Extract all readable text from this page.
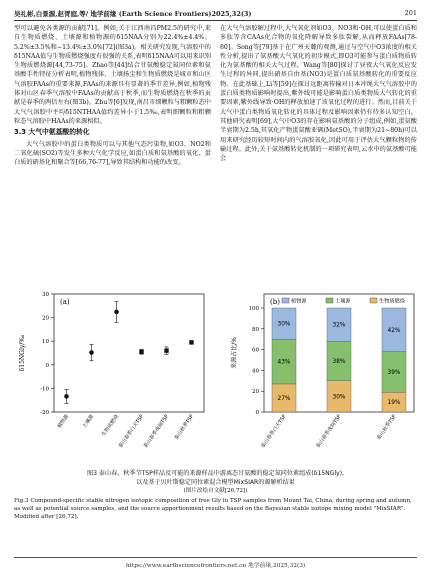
吴礼彬,白景源,赵胥庭,等/ 地学前缘 (Earth Science Frontiers)2025,32(3)	201

型可以避免各类源的贡献[71]。例如,关于江西南昌PM2.5的研究中,来自生物质燃烧、土壤源和植物源的δ15NAA分别为22.4%±4.4%、5.2%±3.5%和−13.4%±3.0%[72](图3a)。相关研究发现,气溶胶中的δ15NAA值与生物质燃烧强度有很强的关系,表明δ15NAA可以用来识别生物质燃烧源[44,73-75]。Zhao等[44]结合甘氨酸稳定氮同位素和氨基酸手性特征分析表明,植物残体、土壤扬尘和生物质燃烧是城市和山区气溶胶FAAs的重要来源,FAAs的来源具有显著的季节差异,例如,植物残体对山区春季气溶胶中FAAs的贡献高于秋季,而生物质燃烧在秋季的贡献是春季的两倍左右(图3b)。Zhu等[6]发现,南昌市细颗粒与粗颗粒态中大气气溶胶中平均δ15NTHAA值约差异小于1.5‰,表明细颗粒和粗颗粒态气溶胶中HAAs的来源相似。

3.3 大气中氨基酸的转化

大气气溶胶中的蛋白类物质可以与其他气态污染物,如O3、NO2和二氧化硫(SO2)等发生多种大气化学反应,如蛋白质和氨基酸的氧化、蛋白质的硝基化和聚合等[66,76-77],导致其结构和功能的改变。

在大气气溶胶解过程中,大气氧化剂如O3、NO3和·OH,可以使蛋白质和多肽等含CAAs化合物的氧化降解导致多肽裂解,从而释放FAAs[78-80]。Song等[79]基于在广州天麓的观测,通过与空气中O3浓度的相关性分析,提出了氨基酸大气氧化的初步模式,即O3可能参与蛋白质物质转化为氨基酸的相关大气过程。Wang等[80]探讨了昼夜大气氧化反应发生过程的异同,提出硝基自由基(NO3)是蛋白质氨基酸转化的重要反应物。在此基础上,Li等[59]在探讨远距离传输对日本冲绳大气气溶胶中的蛋白质类物质影响时提出,紫外线可能是影响蛋白质类物质大气转化的重要因素,紫外线导致·OH的释放加速了该氧化过程的进行。然而,目前关于大气中蛋白类物质氧化转化的具体过程及影响因素仍有待多认知空白。其他研究表明[69],大气中O3的存在影响氨基酸的分子组成,例如,蛋氨酸半衰期为2.5h,其氧化产物蛋氨酸亚砜(MetSO),半衰期为21~80h)可以用来研究经历较短时间内的气溶胶氧化,因此可用于评估大气颗粒物的传输过程。此外,关于氨基酸转化机制的一项研究表明,云水中的氨基酸可能会

(a)
δ15NGly/‰
-20
-10
0
10
20
30
植物源 土壤源 生物质燃烧
泰山春季白天TSP
泰山春季夜间TSP 泰山秋季TSP
(b)
来源占比/%
植物源	土壤源	生物质燃烧
0
20
40
60
80
100
27%
43%
30%
30%
38%
32%
19%
39%
42%
泰山春季白天TSP	泰山春季夜间TSP	泰山秋季TSP
图3 泰山春、秋季节TSP样品及可能的来源样品中游离态甘氨酸的稳定氮同位素组成(δ15NGly),
以及基于贝叶斯稳定同位素混合模型MixSIAR的源解析结果
(图片改绘自文献[26,72])
Fig.3 Compound-specific stable nitrogen isotopic composition of free Gly in TSP samples from Mount Tai, China, during spring and autumn, as well as potential source samples, and the source apportionment results based on the Bayesian stable isotope mixing model "MixSIAR". Modified after [26,72].
https://www.earthsciencefrontiers.net.cn 地学前缘,2025,32(3)
